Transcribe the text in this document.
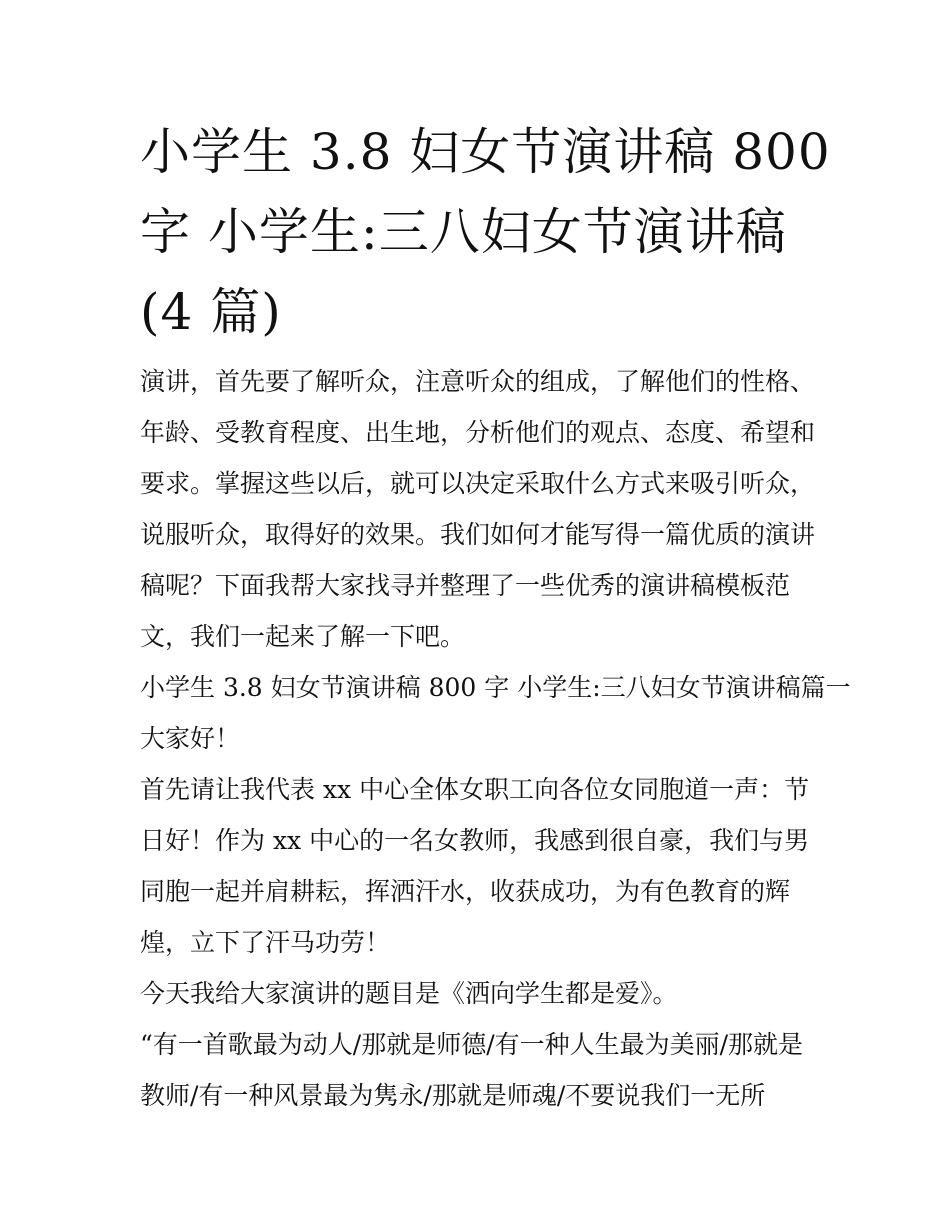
小学生 3.8 妇女节演讲稿 800
字 小学生:三八妇女节演讲稿
(4 篇)

演讲，首先要了解听众，注意听众的组成，了解他们的性格、
年龄、受教育程度、出生地，分析他们的观点、态度、希望和
要求。掌握这些以后，就可以决定采取什么方式来吸引听众，
说服听众，取得好的效果。我们如何才能写得一篇优质的演讲
稿呢？下面我帮大家找寻并整理了一些优秀的演讲稿模板范
文，我们一起来了解一下吧。

小学生 3.8 妇女节演讲稿 800 字 小学生:三八妇女节演讲稿篇一

大家好！

首先请让我代表 xx 中心全体女职工向各位女同胞道一声：节
日好！作为 xx 中心的一名女教师，我感到很自豪，我们与男
同胞一起并肩耕耘，挥洒汗水，收获成功，为有色教育的辉
煌，立下了汗马功劳！

今天我给大家演讲的题目是《洒向学生都是爱》。

“有一首歌最为动人/那就是师德/有一种人生最为美丽/那就是
教师/有一种风景最为隽永/那就是师魂/不要说我们一无所
